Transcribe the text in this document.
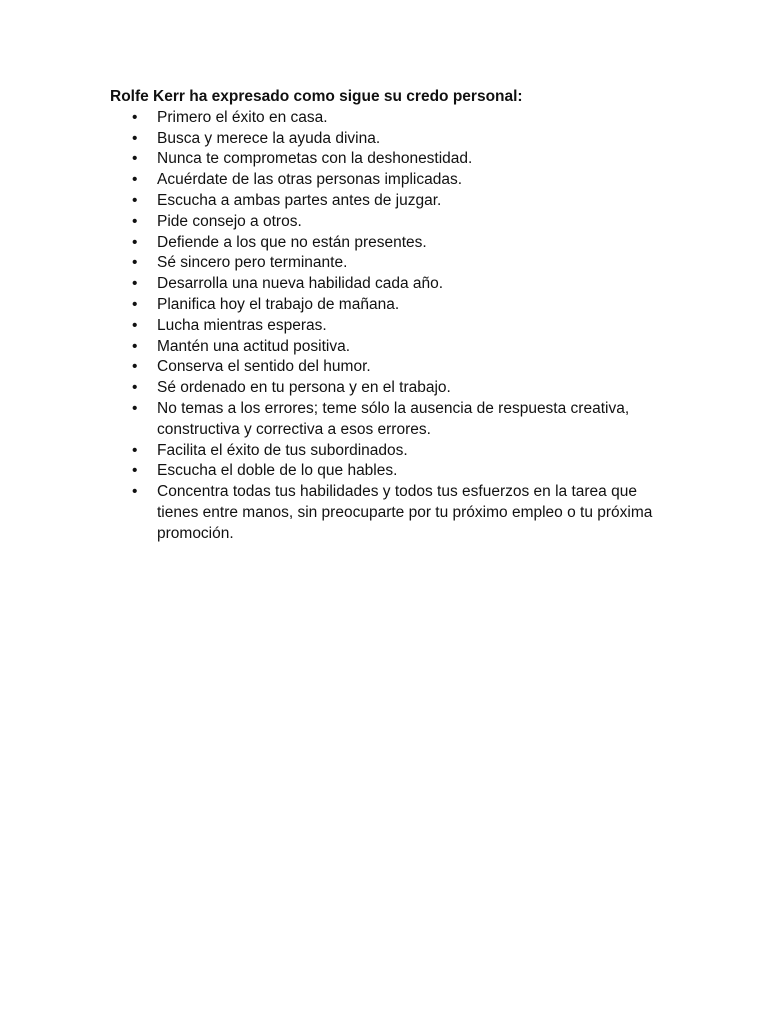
Rolfe Kerr ha expresado como sigue su credo personal:

• Primero el éxito en casa.
• Busca y merece la ayuda divina.
• Nunca te comprometas con la deshonestidad.
• Acuérdate de las otras personas implicadas.
• Escucha a ambas partes antes de juzgar.
• Pide consejo a otros.
• Defiende a los que no están presentes.
• Sé sincero pero terminante.
• Desarrolla una nueva habilidad cada año.
• Planifica hoy el trabajo de mañana.
• Lucha mientras esperas.
• Mantén una actitud positiva.
• Conserva el sentido del humor.
• Sé ordenado en tu persona y en el trabajo.
• No temas a los errores; teme sólo la ausencia de respuesta creativa, constructiva y correctiva a esos errores.
• Facilita el éxito de tus subordinados.
• Escucha el doble de lo que hables.
• Concentra todas tus habilidades y todos tus esfuerzos en la tarea que tienes entre manos, sin preocuparte por tu próximo empleo o tu próxima promoción.
